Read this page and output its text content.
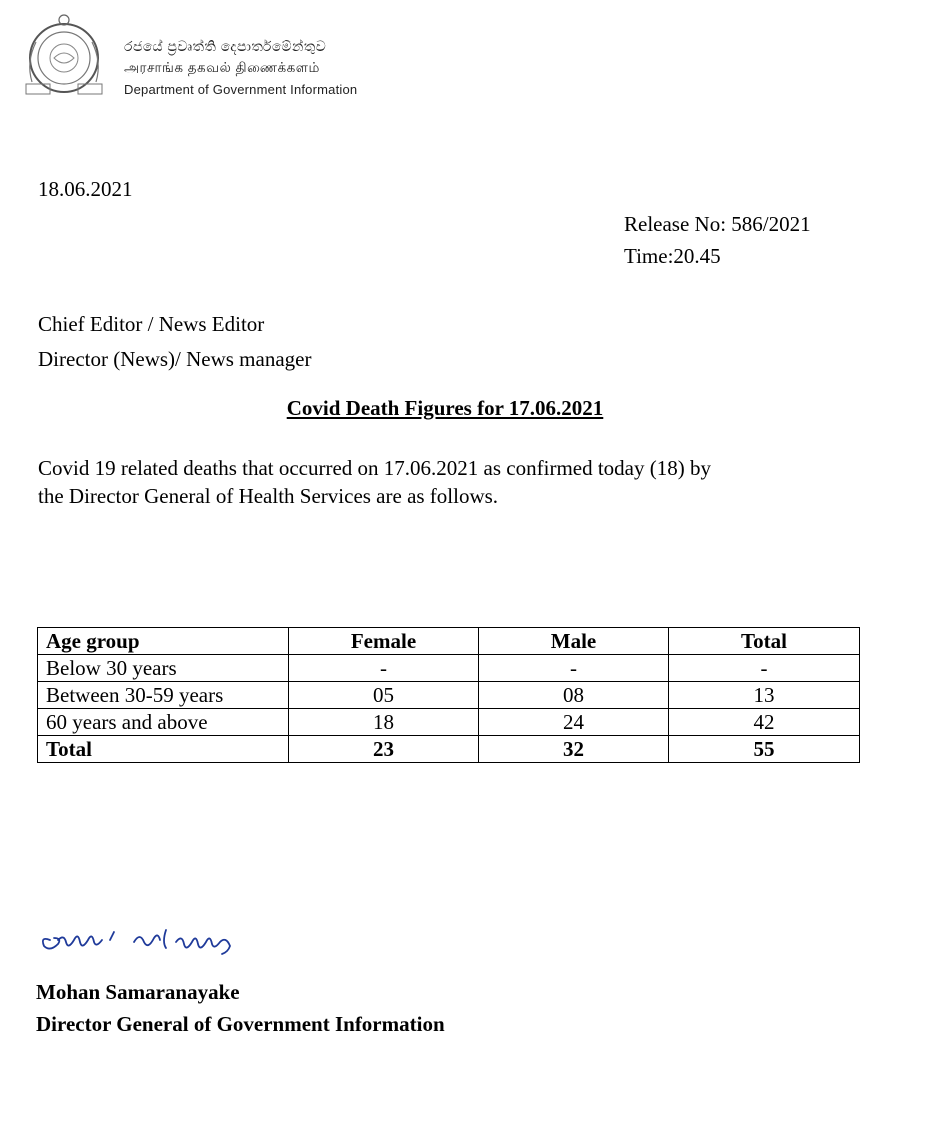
රජයේ ප්‍රවෘත්ති දෙපාර්තමේන්තුව
அரசாங்க தகவல் திணைக்களம்
Department of Government Information
18.06.2021
Release No: 586/2021
Time:20.45
Chief Editor / News Editor
Director (News)/ News manager
Covid Death Figures for 17.06.2021
Covid 19 related deaths that occurred on 17.06.2021 as confirmed today (18) by
the Director General of Health Services are as follows.
Age group	Female	Male	Total
Below 30 years	-	-	-
Between 30-59 years	05	08	13
60 years and above	18	24	42
Total	23	32	55
Mohan Samaranayake
Director General of Government Information
